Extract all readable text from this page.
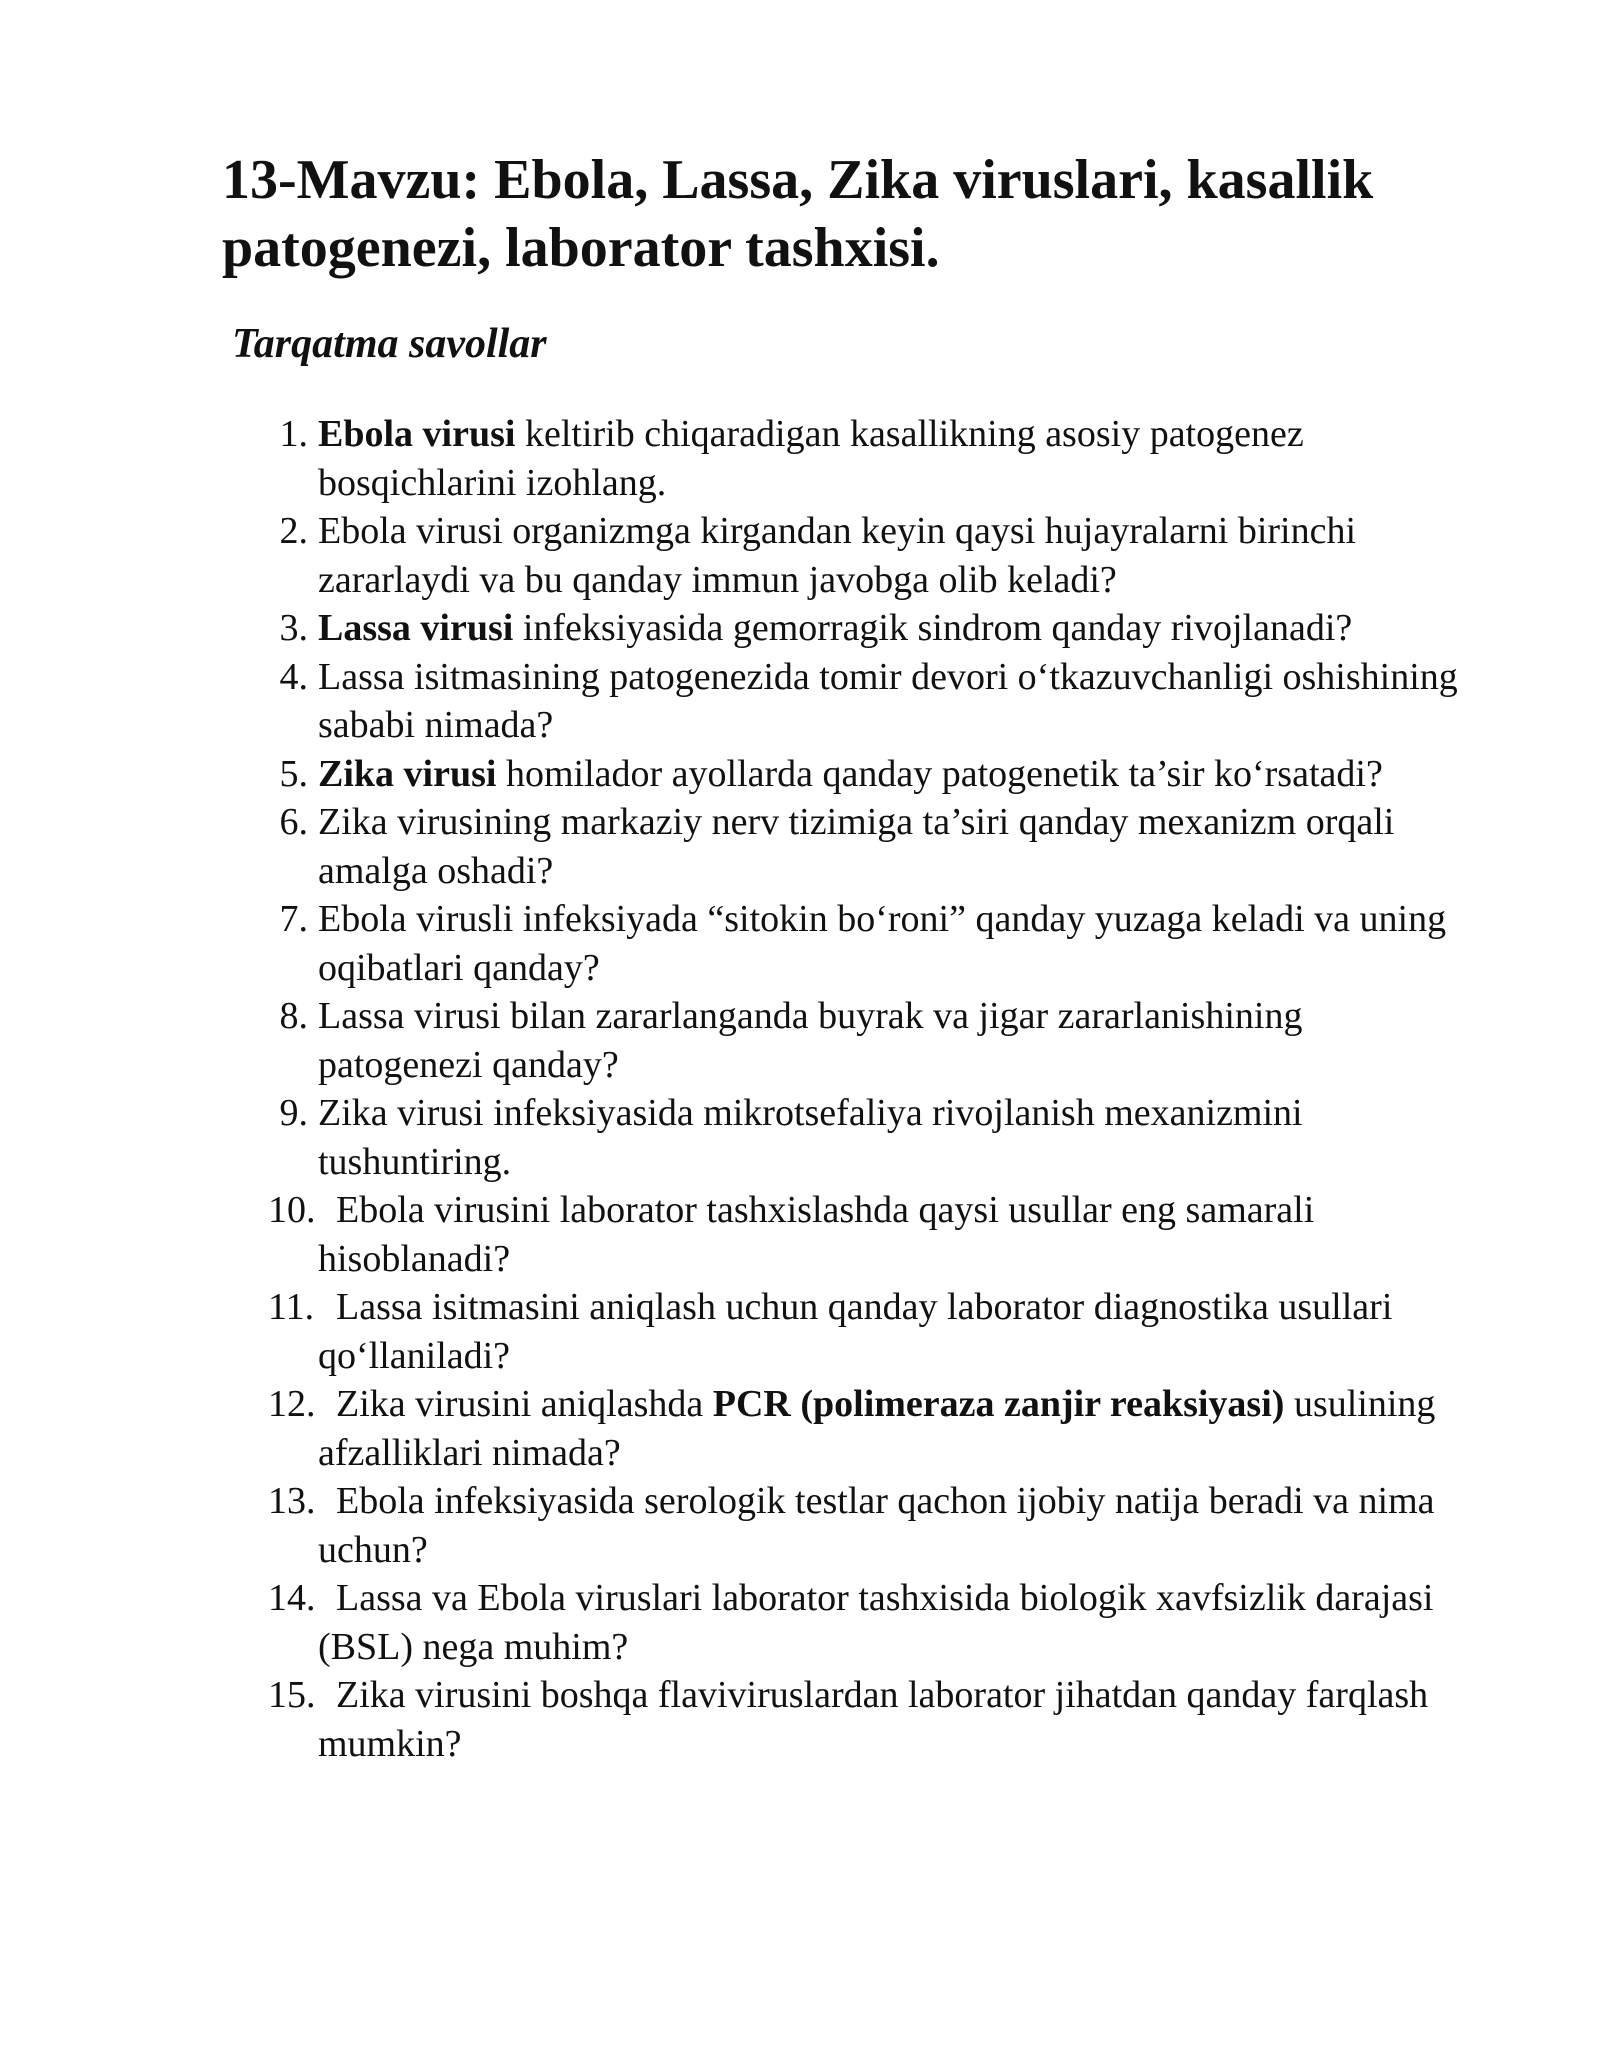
13-Mavzu: Ebola, Lassa, Zika viruslari, kasallik patogenezi, laborator tashxisi.
Tarqatma savollar
1. Ebola virusi keltirib chiqaradigan kasallikning asosiy patogenez bosqichlarini izohlang.
2. Ebola virusi organizmga kirgandan keyin qaysi hujayralarni birinchi zararlaydi va bu qanday immun javobga olib keladi?
3. Lassa virusi infeksiyasida gemorragik sindrom qanday rivojlanadi?
4. Lassa isitmasining patogenezida tomir devori o‘tkazuvchanligi oshishining sababi nimada?
5. Zika virusi homilador ayollarda qanday patogenetik ta’sir ko‘rsatadi?
6. Zika virusining markaziy nerv tizimiga ta’siri qanday mexanizm orqali amalga oshadi?
7. Ebola virusli infeksiyada “sitokin bo‘roni” qanday yuzaga keladi va uning oqibatlari qanday?
8. Lassa virusi bilan zararlanganda buyrak va jigar zararlanishining patogenezi qanday?
9. Zika virusi infeksiyasida mikrotsefaliya rivojlanish mexanizmini tushuntiring.
10. Ebola virusini laborator tashxislashda qaysi usullar eng samarali hisoblanadi?
11. Lassa isitmasini aniqlash uchun qanday laborator diagnostika usullari qo‘llaniladi?
12. Zika virusini aniqlashda PCR (polimeraza zanjir reaksiyasi) usulining afzalliklari nimada?
13. Ebola infeksiyasida serologik testlar qachon ijobiy natija beradi va nima uchun?
14. Lassa va Ebola viruslari laborator tashxisida biologik xavfsizlik darajasi (BSL) nega muhim?
15. Zika virusini boshqa flaviviruslardan laborator jihatdan qanday farqlash mumkin?
